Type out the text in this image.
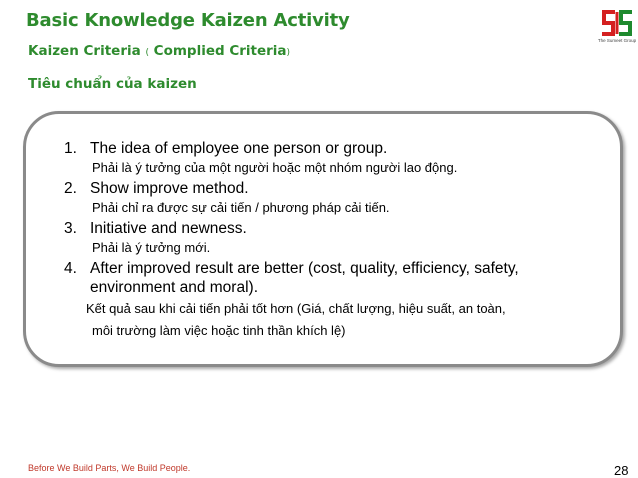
Basic Knowledge Kaizen Activity
Kaizen Criteria ( Complied Criteria)
Tiêu chuẩn của kaizen
The Sumeet Group
1. The idea of employee one person or group.
Phải là ý tưởng của một người hoặc một nhóm người lao động.
2. Show improve method.
Phải chỉ ra được sự cải tiến / phương pháp cải tiến.
3. Initiative and newness.
Phải là ý tưởng mới.
4. After improved result are better (cost, quality, efficiency, safety,
environment and moral).
Kết quả sau khi cải tiến phải tốt hơn (Giá, chất lượng, hiệu suất, an toàn,
môi trường làm việc hoặc tinh thần khích lệ)
Before We Build Parts, We Build People.	28
